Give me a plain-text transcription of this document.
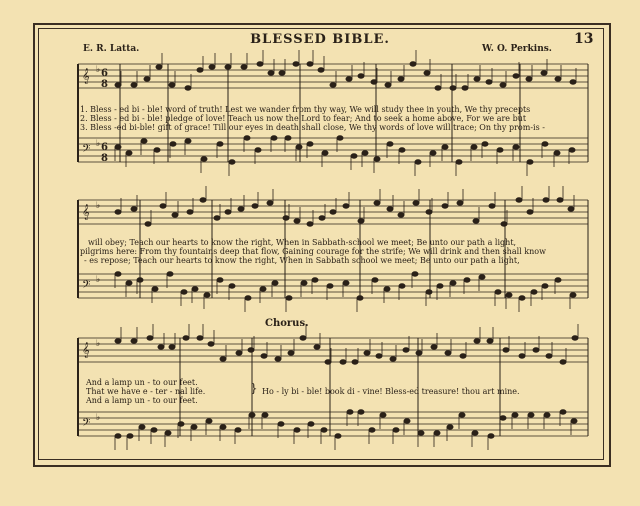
BLESSED BIBLE.	13
E. R. Latta.	W. O. Perkins.
𝄞
𝄢
𝄞
𝄢
𝄞
𝄢
♭
♭
♭
♭
♭
♭
6
8
6
8
1. Bless - ed bi - ble! word of truth! Lest we wander from thy way, We will study thee in youth, We thy precepts
2. Bless - ed bi - ble! pledge of love! Teach us now the Lord to fear; And to seek a home above, For we are but
3. Bless -ed bi-ble! gift of grace! Till our eyes in death shall close, We thy words of love will trace; On thy prom-is -
will obey; Teach our hearts to know the right, When in Sabbath-school we meet; Be unto our path a light,
pilgrims here: From thy fountains deep that flow, Gaining courage for the strife; We will drink and then shall know
- es repose; Teach our hearts to know the right, When in Sabbath school we meet; Be unto our path a light,
Chorus.
And a lamp un - to our feet.
That we have e - ter - nal life.
And a lamp un - to our feet.
} Ho - ly bi - ble! book di - vine! Bless-ed treasure! thou art mine.
